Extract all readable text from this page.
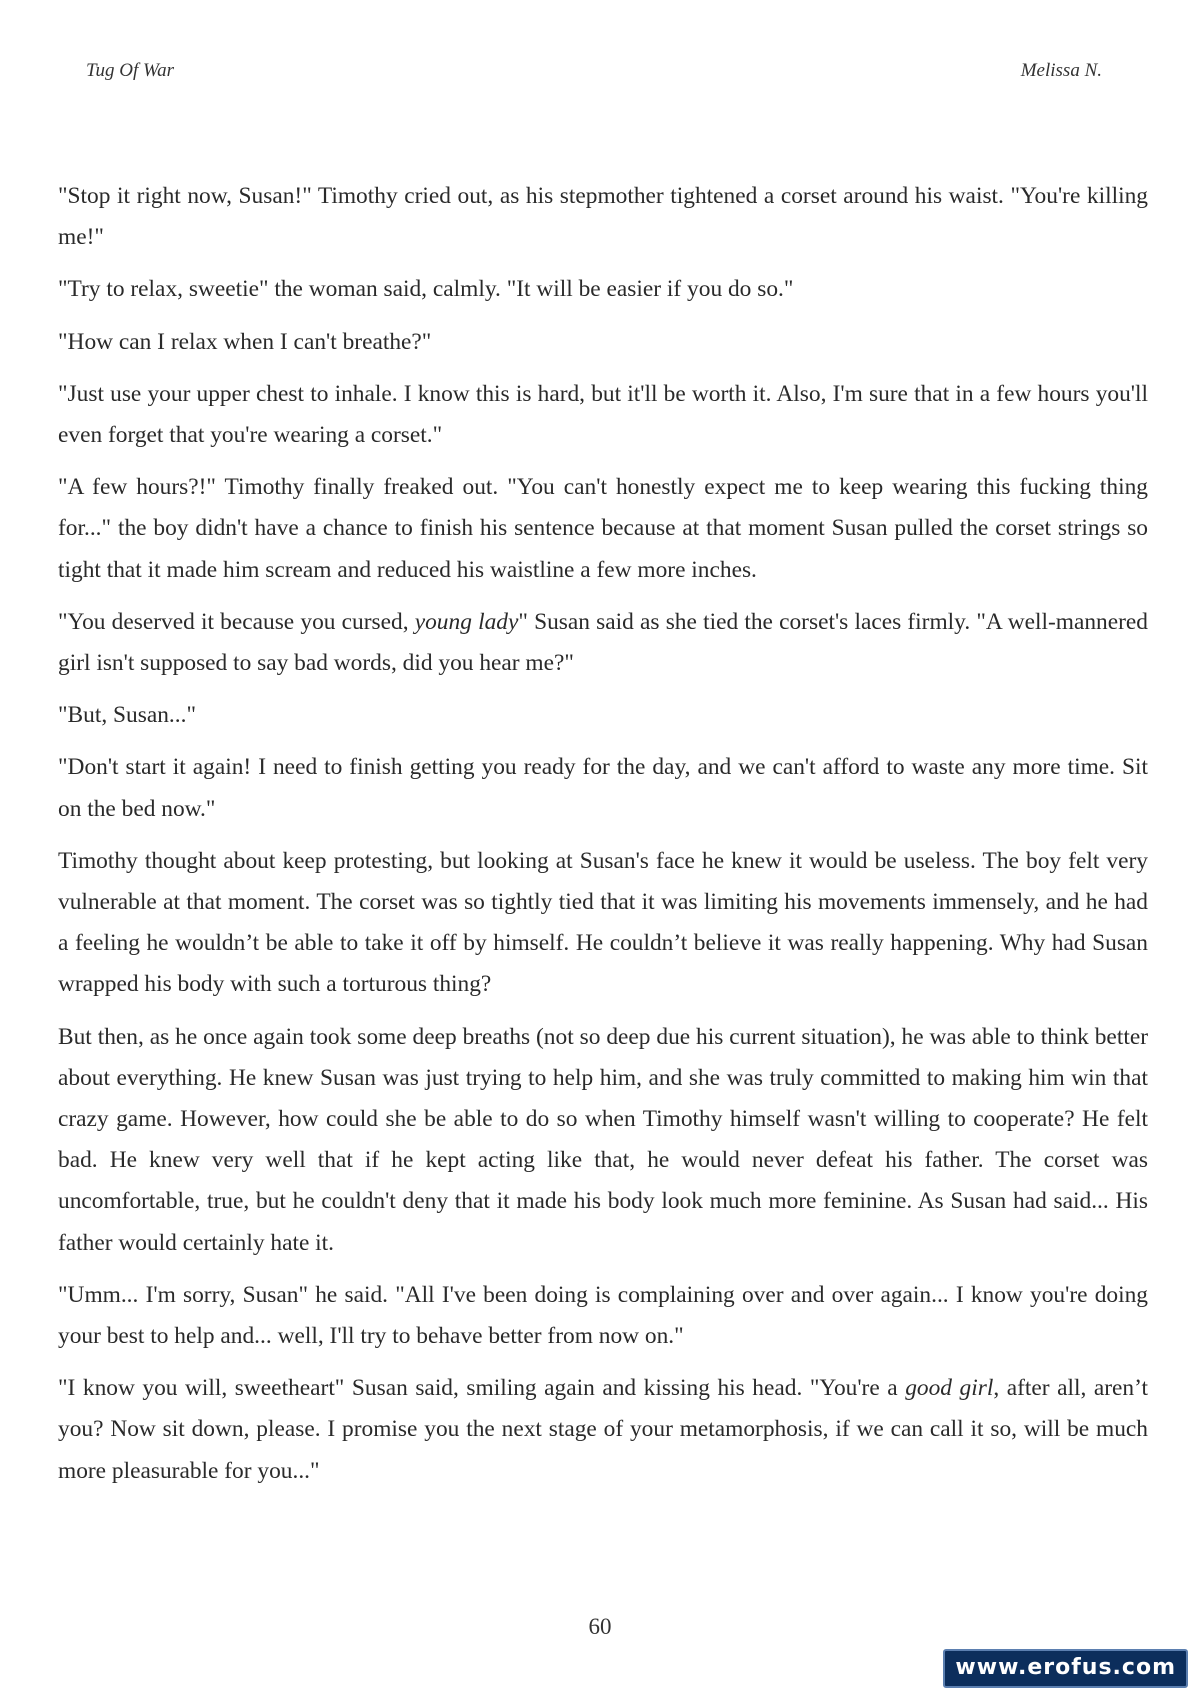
Tug Of War	Melissa N.

"Stop it right now, Susan!" Timothy cried out, as his stepmother tightened a corset around his waist. "You're killing me!"

"Try to relax, sweetie" the woman said, calmly. "It will be easier if you do so."

"How can I relax when I can't breathe?"

"Just use your upper chest to inhale. I know this is hard, but it'll be worth it. Also, I'm sure that in a few hours you'll even forget that you're wearing a corset."

"A few hours?!" Timothy finally freaked out. "You can't honestly expect me to keep wearing this fucking thing for..." the boy didn't have a chance to finish his sentence because at that moment Susan pulled the corset strings so tight that it made him scream and reduced his waistline a few more inches.

"You deserved it because you cursed, young lady" Susan said as she tied the corset's laces firmly. "A well-mannered girl isn't supposed to say bad words, did you hear me?"

"But, Susan..."

"Don't start it again! I need to finish getting you ready for the day, and we can't afford to waste any more time. Sit on the bed now."

Timothy thought about keep protesting, but looking at Susan's face he knew it would be useless. The boy felt very vulnerable at that moment. The corset was so tightly tied that it was limiting his movements immensely, and he had a feeling he wouldn’t be able to take it off by himself. He couldn’t believe it was really happening. Why had Susan wrapped his body with such a torturous thing?

But then, as he once again took some deep breaths (not so deep due his current situation), he was able to think better about everything. He knew Susan was just trying to help him, and she was truly committed to making him win that crazy game. However, how could she be able to do so when Timothy himself wasn't willing to cooperate? He felt bad. He knew very well that if he kept acting like that, he would never defeat his father. The corset was uncomfortable, true, but he couldn't deny that it made his body look much more feminine. As Susan had said... His father would certainly hate it.

"Umm... I'm sorry, Susan" he said. "All I've been doing is complaining over and over again... I know you're doing your best to help and... well, I'll try to behave better from now on."

"I know you will, sweetheart" Susan said, smiling again and kissing his head. "You're a good girl, after all, aren’t you? Now sit down, please. I promise you the next stage of your metamorphosis, if we can call it so, will be much more pleasurable for you..."

60
www.erofus.com
